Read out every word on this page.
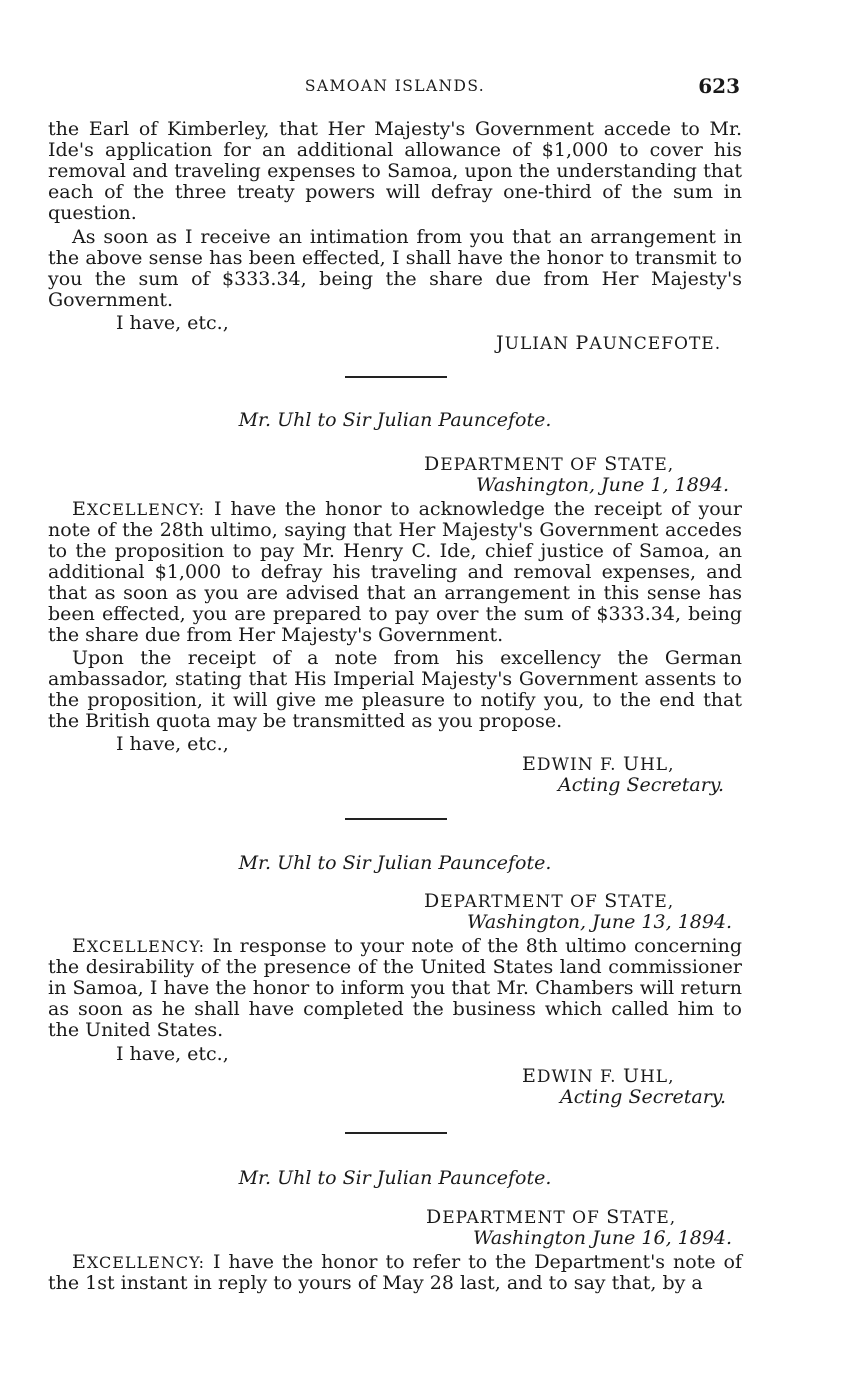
SAMOAN ISLANDS.	623
the Earl of Kimberley, that Her Majesty's Government accede to Mr. Ide's application for an additional allowance of $1,000 to cover his removal and traveling expenses to Samoa, upon the understanding that each of the three treaty powers will defray one-third of the sum in question.
As soon as I receive an intimation from you that an arrangement in the above sense has been effected, I shall have the honor to transmit to you the sum of $333.34, being the share due from Her Majesty's Government.
I have, etc.,
JULIAN PAUNCEFOTE.
Mr. Uhl to Sir Julian Pauncefote.
DEPARTMENT OF STATE,
Washington, June 1, 1894.
EXCELLENCY: I have the honor to acknowledge the receipt of your note of the 28th ultimo, saying that Her Majesty's Government accedes to the proposition to pay Mr. Henry C. Ide, chief justice of Samoa, an additional $1,000 to defray his traveling and removal expenses, and that as soon as you are advised that an arrangement in this sense has been effected, you are prepared to pay over the sum of $333.34, being the share due from Her Majesty's Government.
Upon the receipt of a note from his excellency the German ambassador, stating that His Imperial Majesty's Government assents to the proposition, it will give me pleasure to notify you, to the end that the British quota may be transmitted as you propose.
I have, etc.,
EDWIN F. UHL,
Acting Secretary.
Mr. Uhl to Sir Julian Pauncefote.
DEPARTMENT OF STATE,
Washington, June 13, 1894.
EXCELLENCY: In response to your note of the 8th ultimo concerning the desirability of the presence of the United States land commissioner in Samoa, I have the honor to inform you that Mr. Chambers will return as soon as he shall have completed the business which called him to the United States.
I have, etc.,
EDWIN F. UHL,
Acting Secretary.
Mr. Uhl to Sir Julian Pauncefote.
DEPARTMENT OF STATE,
Washington June 16, 1894.
EXCELLENCY: I have the honor to refer to the Department's note of the 1st instant in reply to yours of May 28 last, and to say that, by a
